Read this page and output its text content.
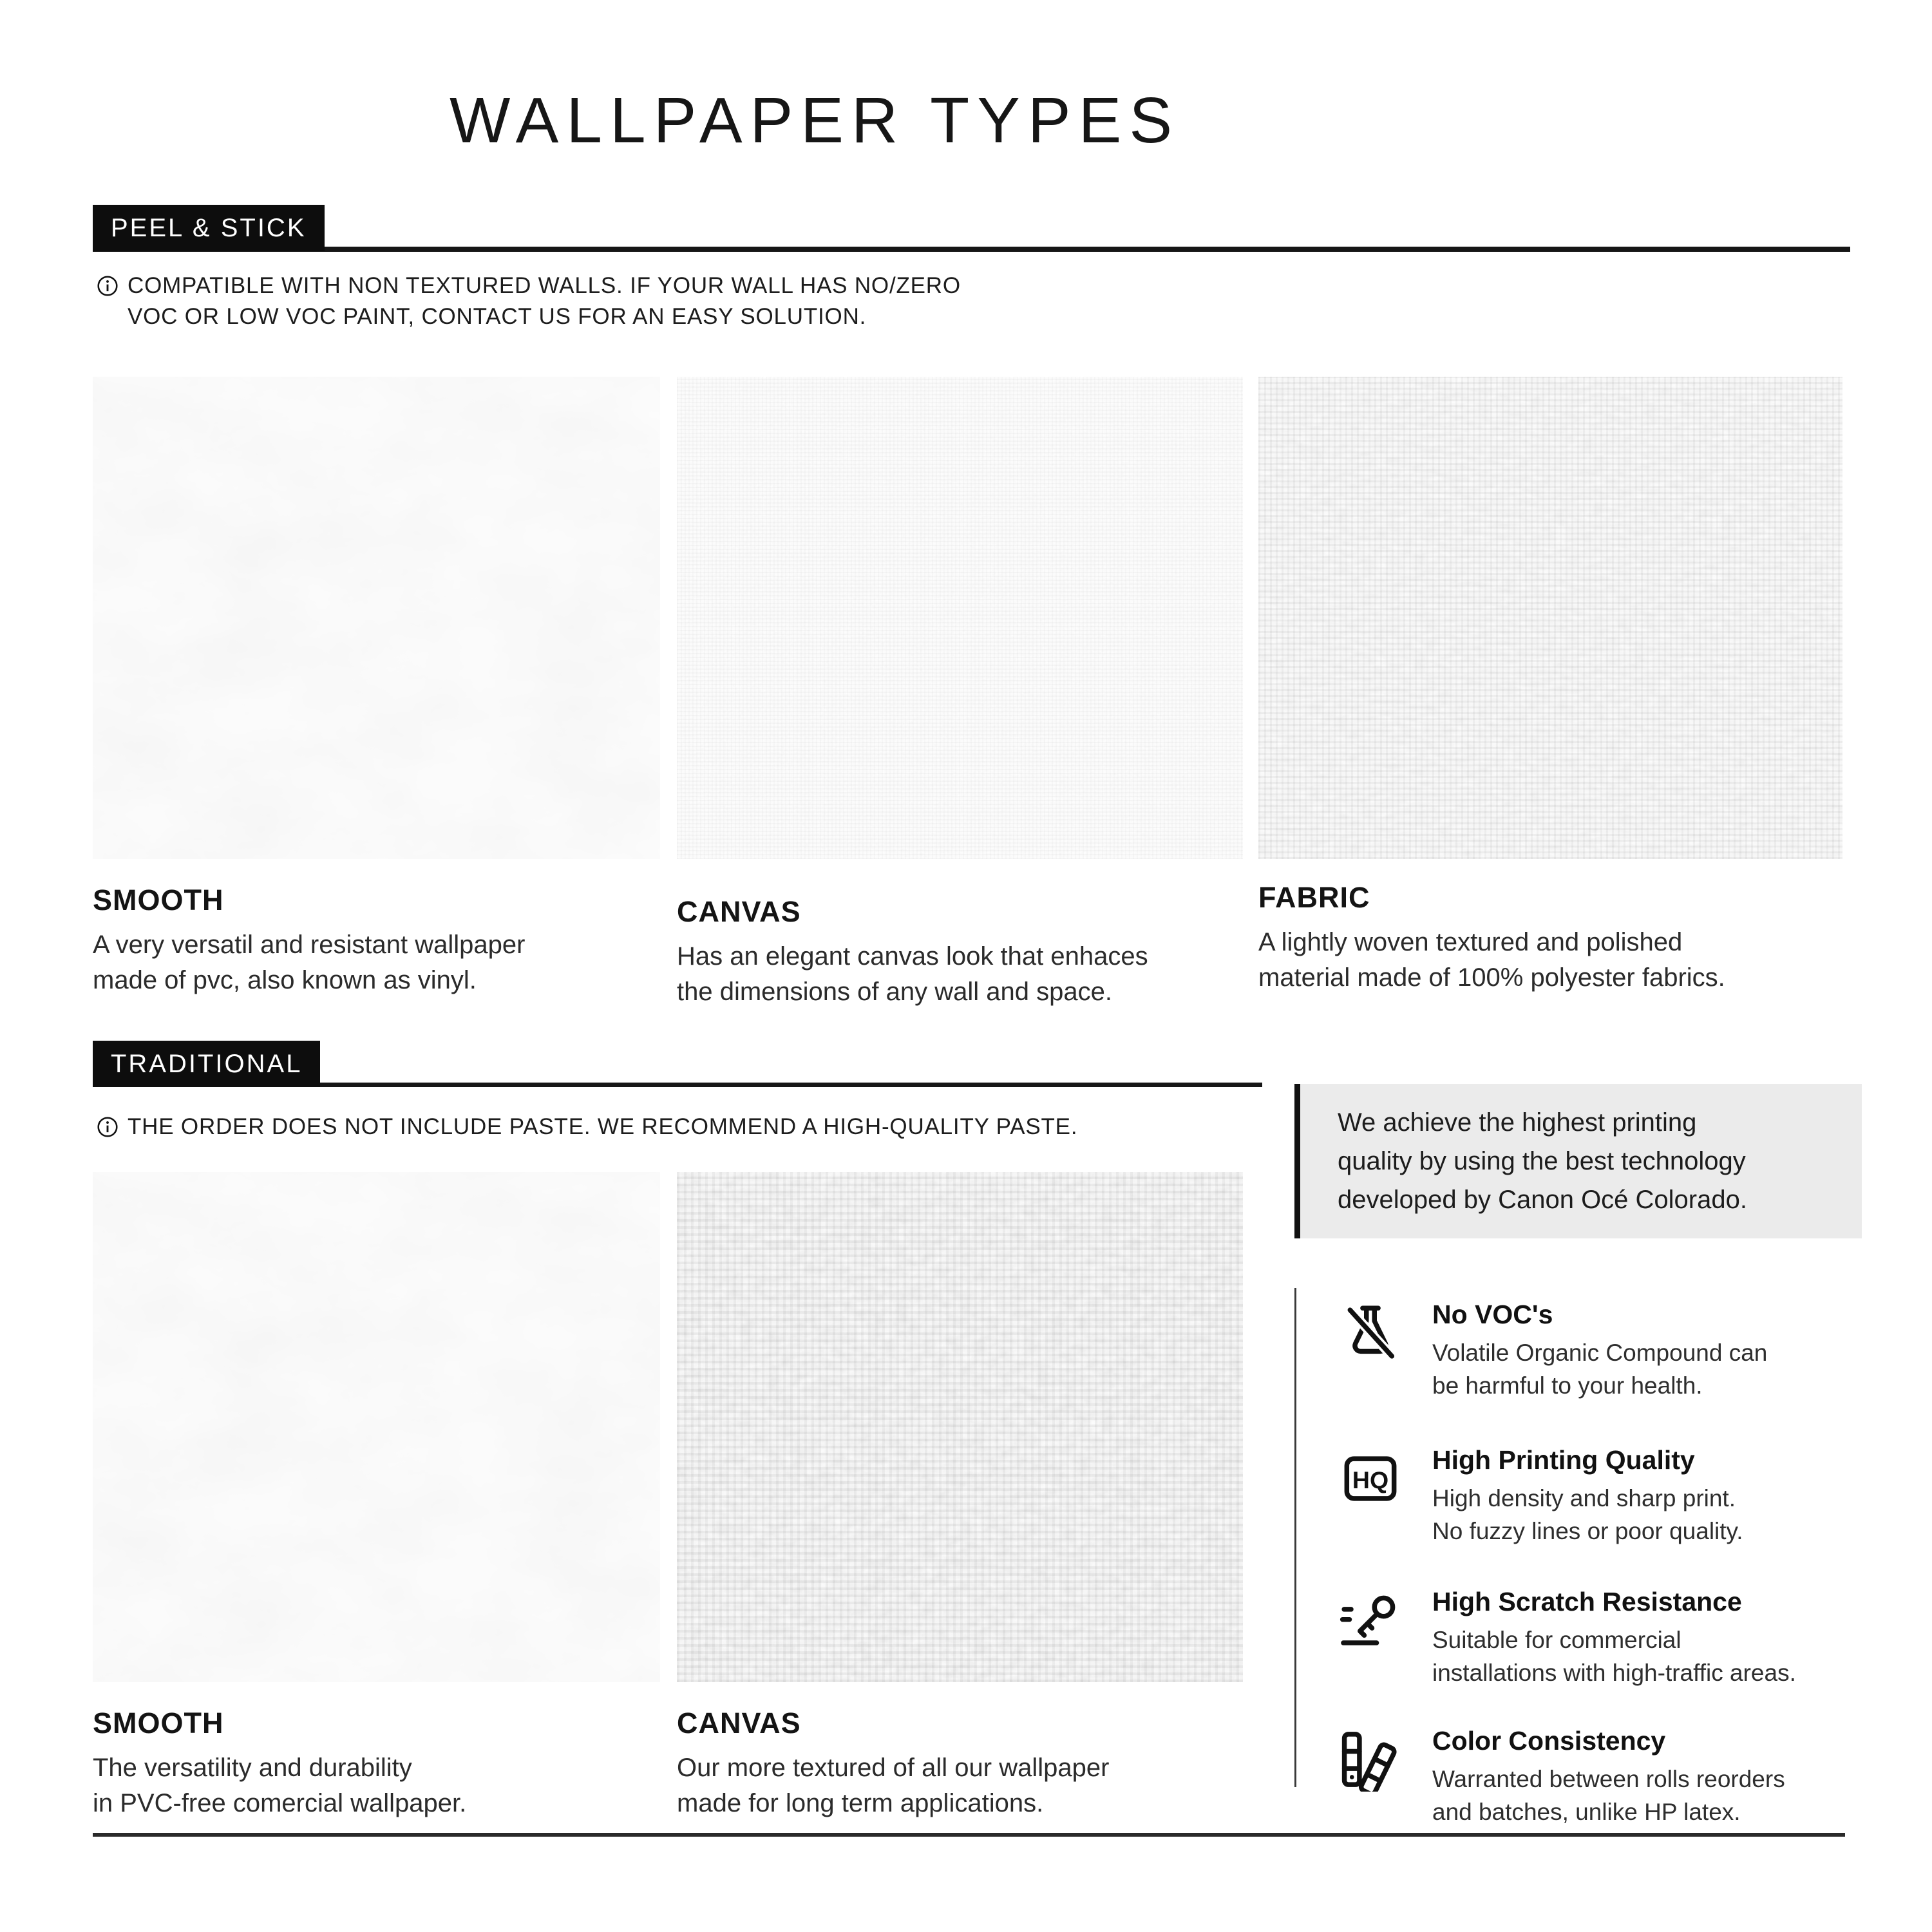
WALLPAPER TYPES
PEEL & STICK
COMPATIBLE WITH NON TEXTURED WALLS. IF YOUR WALL HAS NO/ZERO
VOC OR LOW VOC PAINT, CONTACT US FOR AN EASY SOLUTION.
SMOOTH
A very versatil and resistant wallpaper
made of pvc, also known as vinyl.
CANVAS
Has an elegant canvas look that enhaces
the dimensions of any wall and space.
FABRIC
A lightly woven textured and polished
material made of 100% polyester fabrics.
TRADITIONAL
THE ORDER DOES NOT INCLUDE PASTE. WE RECOMMEND A HIGH-QUALITY PASTE.
SMOOTH
The versatility and durability
in PVC-free comercial wallpaper.
CANVAS
Our more textured of all our wallpaper
made for long term applications.
We achieve the highest printing
quality by using the best technology
developed by Canon Océ Colorado.
No VOC's
Volatile Organic Compound can
be harmful to your health.
HQ
High Printing Quality
High density and sharp print.
No fuzzy lines or poor quality.
High Scratch Resistance
Suitable for commercial
installations with high-traffic areas.
Color Consistency
Warranted between rolls reorders
and batches, unlike HP latex.
